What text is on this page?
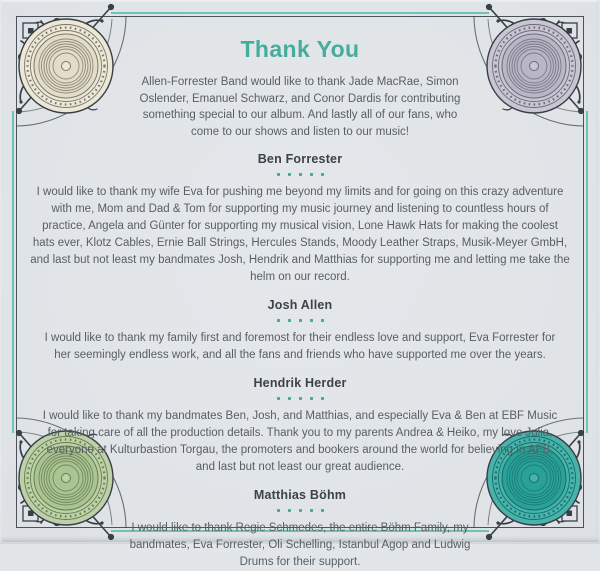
Thank You

Allen-Forrester Band would like to thank Jade MacRae, Simon Oslender, Emanuel Schwarz, and Conor Dardis for contributing something special to our album. And lastly all of our fans, who come to our shows and listen to our music!

Ben Forrester

I would like to thank my wife Eva for pushing me beyond my limits and for going on this crazy adventure with me, Mom and Dad & Tom for supporting my music journey and listening to countless hours of practice, Angela and Günter for supporting my musical vision, Lone Hawk Hats for making the coolest hats ever, Klotz Cables, Ernie Ball Strings, Hercules Stands, Moody Leather Straps, Musik-Meyer GmbH, and last but not least my bandmates Josh, Hendrik and Matthias for supporting me and letting me take the helm on our record.

Josh Allen

I would like to thank my family first and foremost for their endless love and support, Eva Forrester for her seemingly endless work, and all the fans and friends who have supported me over the years.

Hendrik Herder

I would like to thank my bandmates Ben, Josh, and Matthias, and especially Eva & Ben at EBF Music for taking care of all the production details. Thank you to my parents Andrea & Heiko, my love Julia, everyone at Kulturbastion Torgau, the promoters and bookers around the world for believing in AFB, and last but not least our great audience.

Matthias Böhm

I would like to thank Regie Schmedes, the entire Böhm Family, my bandmates, Eva Forrester, Oli Schelling, Istanbul Agop and Ludwig Drums for their support.
